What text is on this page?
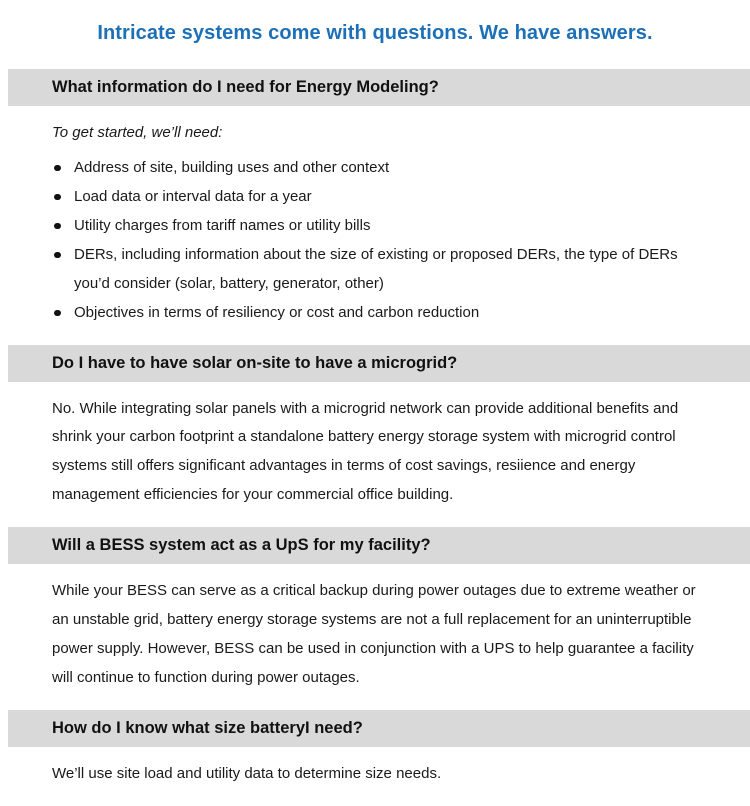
Intricate systems come with questions. We have answers.
What information do I need for Energy Modeling?

To get started, we’ll need:

Address of site, building uses and other context
Load data or interval data for a year
Utility charges from tariff names or utility bills
DERs, including information about the size of existing or proposed DERs, the type of DERs you’d consider (solar, battery, generator, other)
Objectives in terms of resiliency or cost and carbon reduction
Do I have to have solar on-site to have a microgrid?

No. While integrating solar panels with a microgrid network can provide additional benefits and shrink your carbon footprint a standalone battery energy storage system with microgrid control systems still offers significant advantages in terms of cost savings, resiience and energy management efficiencies for your commercial office building.

Will a BESS system act as a UpS for my facility?

While your BESS can serve as a critical backup during power outages due to extreme weather or an unstable grid, battery energy storage systems are not a full replacement for an uninterruptible power supply. However, BESS can be used in conjunction with a UPS to help guarantee a facility will continue to function during power outages.

How do I know what size batteryI need?

We’ll use site load and utility data to determine size needs.
